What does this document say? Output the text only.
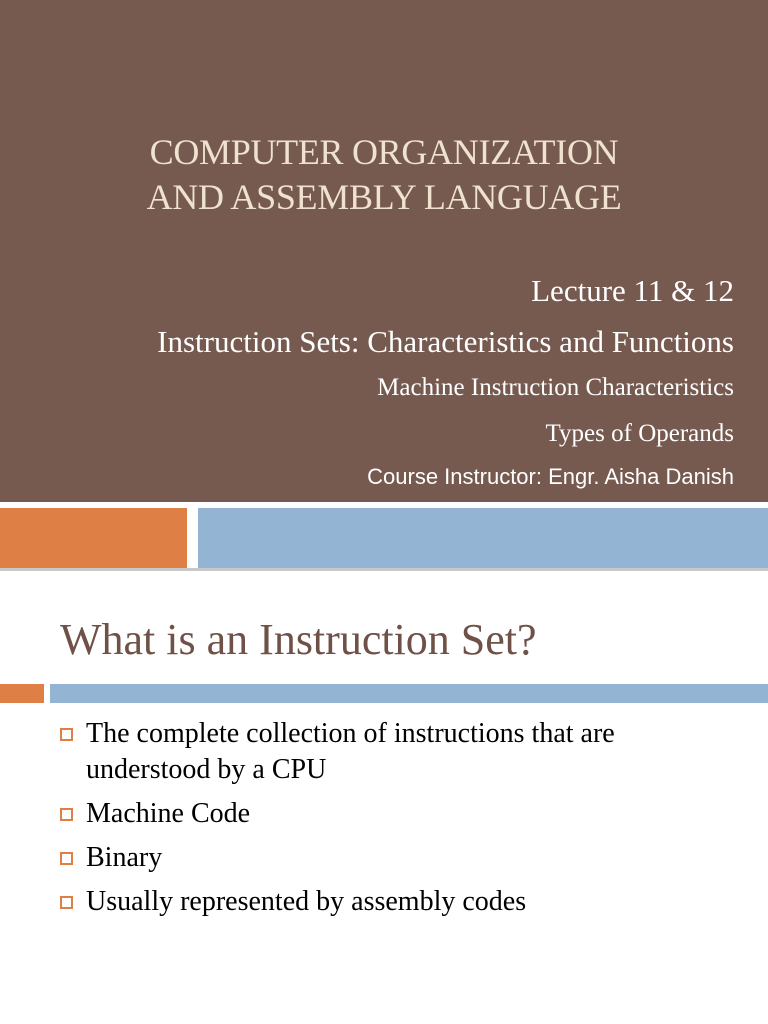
COMPUTER ORGANIZATION
AND ASSEMBLY LANGUAGE
Lecture 11 & 12
Instruction Sets: Characteristics and Functions
Machine Instruction Characteristics
Types of Operands
Course Instructor: Engr. Aisha Danish
What is an Instruction Set?
The complete collection of instructions that are understood by a CPU
Machine Code
Binary
Usually represented by assembly codes
